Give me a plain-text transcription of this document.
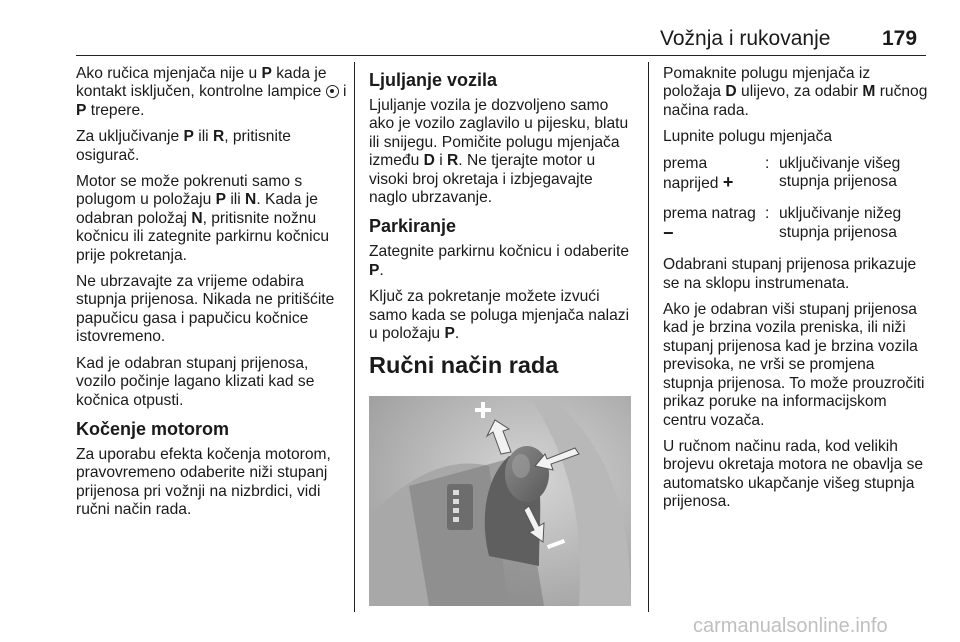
Vožnja i rukovanje 179

Ako ručica mjenjača nije u P kada je kontakt isključen, kontrolne lampice  i P trepere.

Za uključivanje P ili R, pritisnite osigurač.

Motor se može pokrenuti samo s polugom u položaju P ili N. Kada je odabran položaj N, pritisnite nožnu kočnicu ili zategnite parkirnu kočnicu prije pokretanja.

Ne ubrzavajte za vrijeme odabira stupnja prijenosa. Nikada ne pritišćite papučicu gasa i papučicu kočnice istovremeno.

Kad je odabran stupanj prijenosa, vozilo počinje lagano klizati kad se kočnica otpusti.

Kočenje motorom

Za uporabu efekta kočenja motorom, pravovremeno odaberite niži stupanj prijenosa pri vožnji na nizbrdici, vidi ručni način rada.

Ljuljanje vozila

Ljuljanje vozila je dozvoljeno samo ako je vozilo zaglavilo u pijesku, blatu ili snijegu. Pomičite polugu mjenjača između D i R. Ne tjerajte motor u visoki broj okretaja i izbjegavajte naglo ubrzavanje.

Parkiranje

Zategnite parkirnu kočnicu i odaberite P.

Ključ za pokretanje možete izvući samo kada se poluga mjenjača nalazi u položaju P.

Ručni način rada

Pomaknite polugu mjenjača iz položaja D ulijevo, za odabir M ručnog načina rada.

Lupnite polugu mjenjača

prema naprijed +
: uključivanje višeg stupnja prijenosa
prema natrag −
: uključivanje nižeg stupnja prijenosa

Odabrani stupanj prijenosa prikazuje se na sklopu instrumenata.

Ako je odabran viši stupanj prijenosa kad je brzina vozila preniska, ili niži stupanj prijenosa kad je brzina vozila previsoka, ne vrši se promjena stupnja prijenosa. To može prouzročiti prikaz poruke na informacijskom centru vozača.

U ručnom načinu rada, kod velikih brojevu okretaja motora ne obavlja se automatsko ukapčanje višeg stupnja prijenosa.

carmanualsonline.info
